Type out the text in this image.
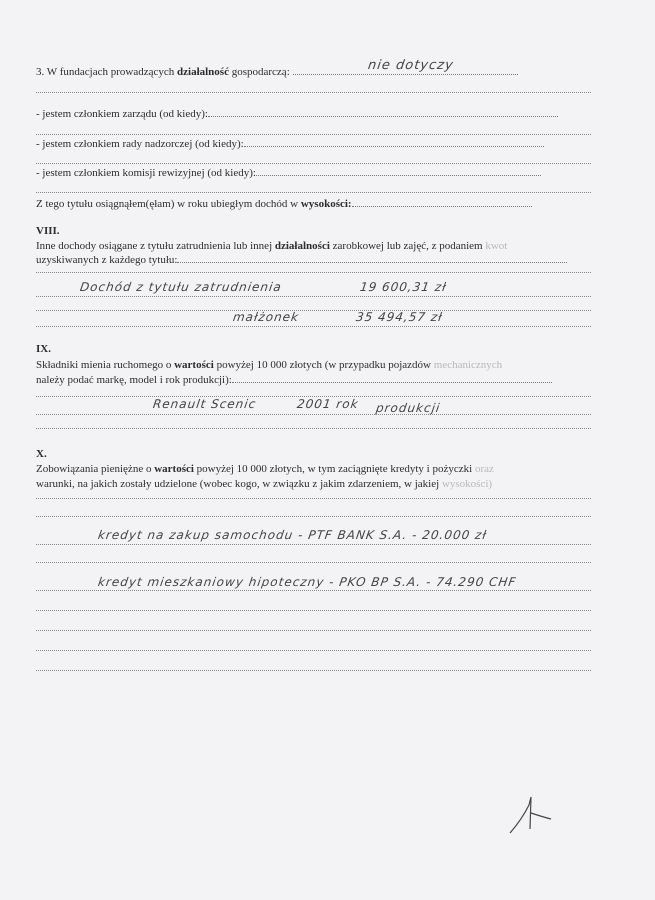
3. W fundacjach prowadzących działalność gospodarczą:	nie dotyczy
- jestem członkiem zarządu (od kiedy):
- jestem członkiem rady nadzorczej (od kiedy):
- jestem członkiem komisji rewizyjnej (od kiedy):
Z tego tytułu osiągnąłem(ęłam) w roku ubiegłym dochód w wysokości:
VIII.
Inne dochody osiągane z tytułu zatrudnienia lub innej działalności zarobkowej lub zajęć, z podaniem kwot
uzyskiwanych z każdego tytułu:
Dochód z tytułu zatrudnienia	19 600,31 zł
małżonek	35 494,57 zł
IX.
Składniki mienia ruchomego o wartości powyżej 10 000 złotych (w przypadku pojazdów mechanicznych
należy podać markę, model i rok produkcji):
Renault Scenic	2001 rok produkcji
X.
Zobowiązania pieniężne o wartości powyżej 10 000 złotych, w tym zaciągnięte kredyty i pożyczki oraz
warunki, na jakich zostały udzielone (wobec kogo, w związku z jakim zdarzeniem, w jakiej wysokości)
kredyt na zakup samochodu - PTF BANK S.A. - 20.000 zł
kredyt mieszkaniowy hipoteczny - PKO BP S.A. - 74.290 CHF
